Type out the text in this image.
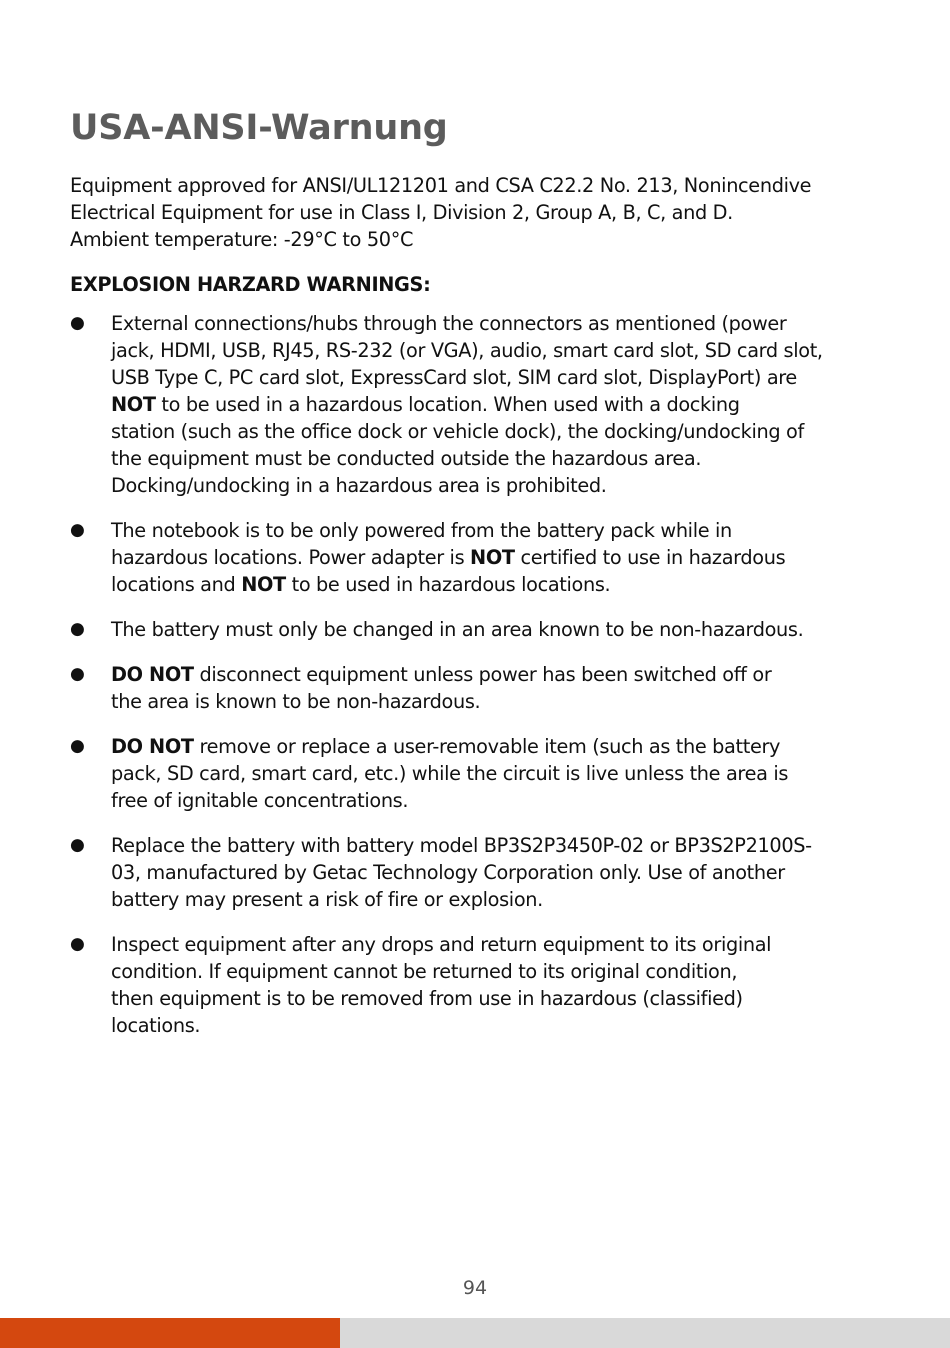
USA-ANSI-Warnung

Equipment approved for ANSI/UL121201 and CSA C22.2 No. 213, Nonincendive
Electrical Equipment for use in Class I, Division 2, Group A, B, C, and D.
Ambient temperature: -29°C to 50°C

EXPLOSION HARZARD WARNINGS:
● External connections/hubs through the connectors as mentioned (power
jack, HDMI, USB, RJ45, RS-232 (or VGA), audio, smart card slot, SD card slot,
USB Type C, PC card slot, ExpressCard slot, SIM card slot, DisplayPort) are
NOT to be used in a hazardous location. When used with a docking
station (such as the office dock or vehicle dock), the docking/undocking of
the equipment must be conducted outside the hazardous area.
Docking/undocking in a hazardous area is prohibited.
● The notebook is to be only powered from the battery pack while in
hazardous locations. Power adapter is NOT certified to use in hazardous
locations and NOT to be used in hazardous locations.
● The battery must only be changed in an area known to be non-hazardous.
● DO NOT disconnect equipment unless power has been switched off or
the area is known to be non-hazardous.
● DO NOT remove or replace a user-removable item (such as the battery
pack, SD card, smart card, etc.) while the circuit is live unless the area is
free of ignitable concentrations.
● Replace the battery with battery model BP3S2P3450P-02 or BP3S2P2100S-
03, manufactured by Getac Technology Corporation only. Use of another
battery may present a risk of fire or explosion.
● Inspect equipment after any drops and return equipment to its original
condition. If equipment cannot be returned to its original condition,
then equipment is to be removed from use in hazardous (classified)
locations.
94
